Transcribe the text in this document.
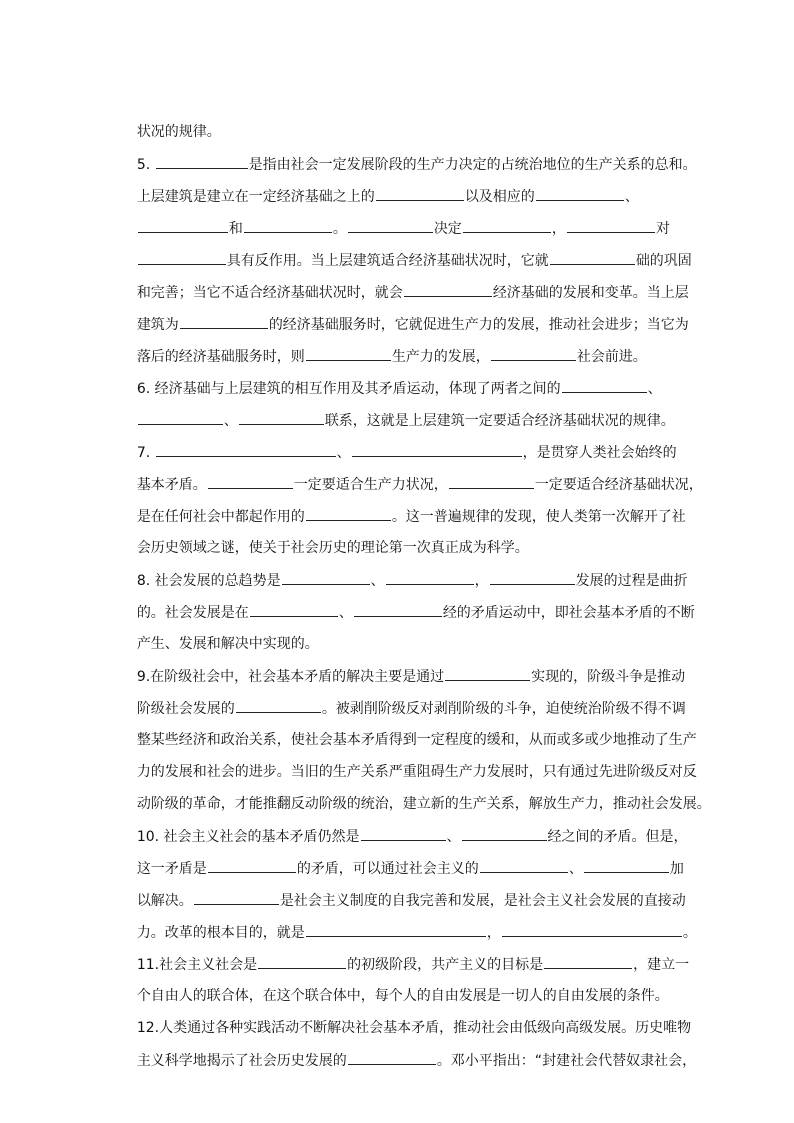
状况的规律。

5.	是指由社会一定发展阶段的生产力决定的占统治地位的生产关系的总和。

上层建筑是建立在一定经济基础之上的	以及相应的	、

和	。	决定	，	对

具有反作用。当上层建筑适合经济基础状况时，它就	础的巩固

和完善；当它不适合经济基础状况时，就会	经济基础的发展和变革。当上层

建筑为	的经济基础服务时，它就促进生产力的发展，推动社会进步；当它为

落后的经济基础服务时，则	生产力的发展，	社会前进。

6. 经济基础与上层建筑的相互作用及其矛盾运动，体现了两者之间的	、

、	联系，这就是上层建筑一定要适合经济基础状况的规律。

7.	、	，是贯穿人类社会始终的

基本矛盾。	一定要适合生产力状况，	一定要适合经济基础状况，

是在任何社会中都起作用的	。这一普遍规律的发现，使人类第一次解开了社

会历史领域之谜，使关于社会历史的理论第一次真正成为科学。

8. 社会发展的总趋势是	、	，	发展的过程是曲折

的。社会发展是在	、	经的矛盾运动中，即社会基本矛盾的不断

产生、发展和解决中实现的。

9.在阶级社会中，社会基本矛盾的解决主要是通过	实现的，阶级斗争是推动

阶级社会发展的	。被剥削阶级反对剥削阶级的斗争，迫使统治阶级不得不调

整某些经济和政治关系，使社会基本矛盾得到一定程度的缓和，从而或多或少地推动了生产

力的发展和社会的进步。当旧的生产关系严重阻碍生产力发展时，只有通过先进阶级反对反

动阶级的革命，才能推翻反动阶级的统治，建立新的生产关系，解放生产力，推动社会发展。

10. 社会主义社会的基本矛盾仍然是	、	经之间的矛盾。但是，

这一矛盾是	的矛盾，可以通过社会主义的	、	加

以解决。	是社会主义制度的自我完善和发展，是社会主义社会发展的直接动

力。改革的根本目的，就是	，	。

11.社会主义社会是	的初级阶段，共产主义的目标是	，建立一

个自由人的联合体，在这个联合体中，每个人的自由发展是一切人的自由发展的条件。

12.人类通过各种实践活动不断解决社会基本矛盾，推动社会由低级向高级发展。历史唯物

主义科学地揭示了社会历史发展的	。邓小平指出：“封建社会代替奴隶社会，
